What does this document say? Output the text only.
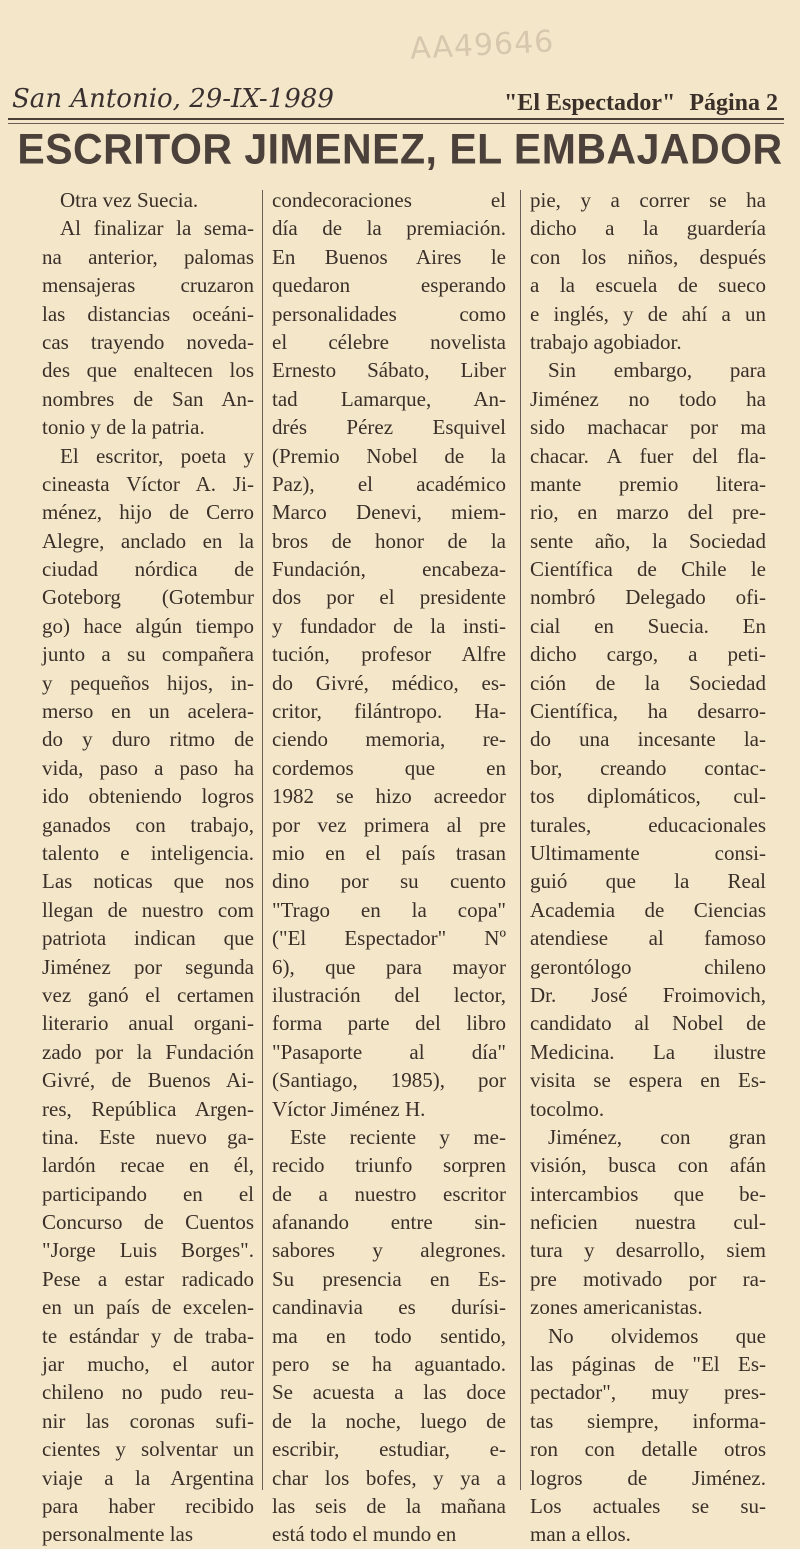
AA49646
San Antonio, 29-IX-1989	"El Espectador" Página 2
ESCRITOR JIMENEZ, EL EMBAJADOR
Otra vez Suecia.
Al finalizar la sema-
na anterior, palomas
mensajeras cruzaron
las distancias oceáni-
cas trayendo noveda-
des que enaltecen los
nombres de San An-
tonio y de la patria.
El escritor, poeta y
cineasta Víctor A. Ji-
ménez, hijo de Cerro
Alegre, anclado en la
ciudad nórdica de
Goteborg (Gotembur
go) hace algún tiempo
junto a su compañera
y pequeños hijos, in-
merso en un acelera-
do y duro ritmo de
vida, paso a paso ha
ido obteniendo logros
ganados con trabajo,
talento e inteligencia.
Las noticas que nos
llegan de nuestro com
patriota indican que
Jiménez por segunda
vez ganó el certamen
literario anual organi-
zado por la Fundación
Givré, de Buenos Ai-
res, República Argen-
tina. Este nuevo ga-
lardón recae en él,
participando en el
Concurso de Cuentos
"Jorge Luis Borges".
Pese a estar radicado
en un país de excelen-
te estándar y de traba-
jar mucho, el autor
chileno no pudo reu-
nir las coronas sufi-
cientes y solventar un
viaje a la Argentina
para haber recibido
personalmente las
condecoraciones el
día de la premiación.
En Buenos Aires le
quedaron esperando
personalidades como
el célebre novelista
Ernesto Sábato, Liber
tad Lamarque, An-
drés Pérez Esquivel
(Premio Nobel de la
Paz), el académico
Marco Denevi, miem-
bros de honor de la
Fundación, encabeza-
dos por el presidente
y fundador de la insti-
tución, profesor Alfre
do Givré, médico, es-
critor, filántropo. Ha-
ciendo memoria, re-
cordemos que en
1982 se hizo acreedor
por vez primera al pre
mio en el país trasan
dino por su cuento
"Trago en la copa"
("El Espectador" Nº
6), que para mayor
ilustración del lector,
forma parte del libro
"Pasaporte al día"
(Santiago, 1985), por
Víctor Jiménez H.
Este reciente y me-
recido triunfo sorpren
de a nuestro escritor
afanando entre sin-
sabores y alegrones.
Su presencia en Es-
candinavia es durísi-
ma en todo sentido,
pero se ha aguantado.
Se acuesta a las doce
de la noche, luego de
escribir, estudiar, e-
char los bofes, y ya a
las seis de la mañana
está todo el mundo en
pie, y a correr se ha
dicho a la guardería
con los niños, después
a la escuela de sueco
e inglés, y de ahí a un
trabajo agobiador.
Sin embargo, para
Jiménez no todo ha
sido machacar por ma
chacar. A fuer del fla-
mante premio litera-
rio, en marzo del pre-
sente año, la Sociedad
Científica de Chile le
nombró Delegado ofi-
cial en Suecia. En
dicho cargo, a peti-
ción de la Sociedad
Científica, ha desarro-
do una incesante la-
bor, creando contac-
tos diplomáticos, cul-
turales, educacionales
Ultimamente consi-
guió que la Real
Academia de Ciencias
atendiese al famoso
gerontólogo chileno
Dr. José Froimovich,
candidato al Nobel de
Medicina. La ilustre
visita se espera en Es-
tocolmo.
Jiménez, con gran
visión, busca con afán
intercambios que be-
neficien nuestra cul-
tura y desarrollo, siem
pre motivado por ra-
zones americanistas.
No olvidemos que
las páginas de "El Es-
pectador", muy pres-
tas siempre, informa-
ron con detalle otros
logros de Jiménez.
Los actuales se su-
man a ellos.
